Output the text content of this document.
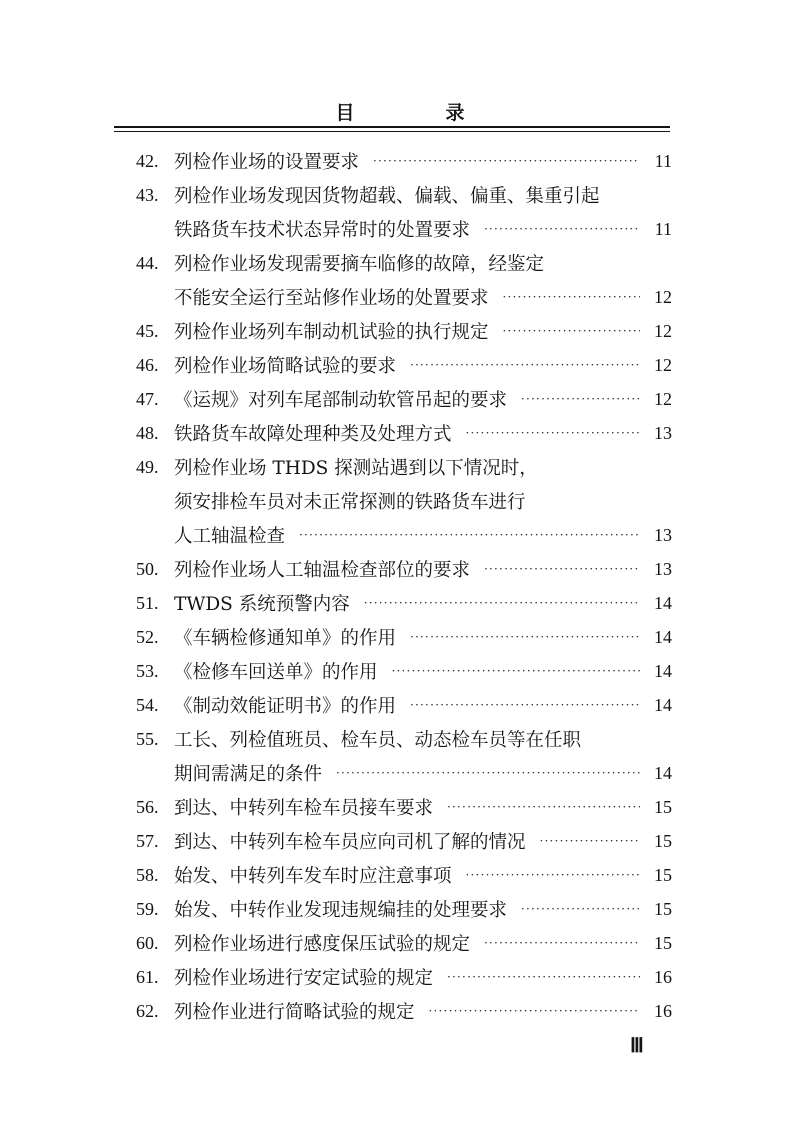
目　录
42. 列检作业场的设置要求 ·····	11
43. 列检作业场发现因货物超载、偏载、偏重、集重引起
铁路货车技术状态异常时的处置要求 ·····	11
44. 列检作业场发现需要摘车临修的故障，经鉴定
不能安全运行至站修作业场的处置要求 ·····	12
45. 列检作业场列车制动机试验的执行规定 ·····	12
46. 列检作业场简略试验的要求 ·····	12
47. 《运规》对列车尾部制动软管吊起的要求 ·····	12
48. 铁路货车故障处理种类及处理方式 ·····	13
49. 列检作业场 THDS 探测站遇到以下情况时，
须安排检车员对未正常探测的铁路货车进行
人工轴温检查 ·····	13
50. 列检作业场人工轴温检查部位的要求 ·····	13
51. TWDS 系统预警内容 ·····	14
52. 《车辆检修通知单》的作用 ·····	14
53. 《检修车回送单》的作用 ·····	14
54. 《制动效能证明书》的作用 ·····	14
55. 工长、列检值班员、检车员、动态检车员等在任职
期间需满足的条件 ·····	14
56. 到达、中转列车检车员接车要求 ·····	15
57. 到达、中转列车检车员应向司机了解的情况 ·····	15
58. 始发、中转列车发车时应注意事项 ·····	15
59. 始发、中转作业发现违规编挂的处理要求 ·····	15
60. 列检作业场进行感度保压试验的规定 ·····	15
61. 列检作业场进行安定试验的规定 ·····	16
62. 列检作业进行简略试验的规定 ·····	16
Ⅲ
